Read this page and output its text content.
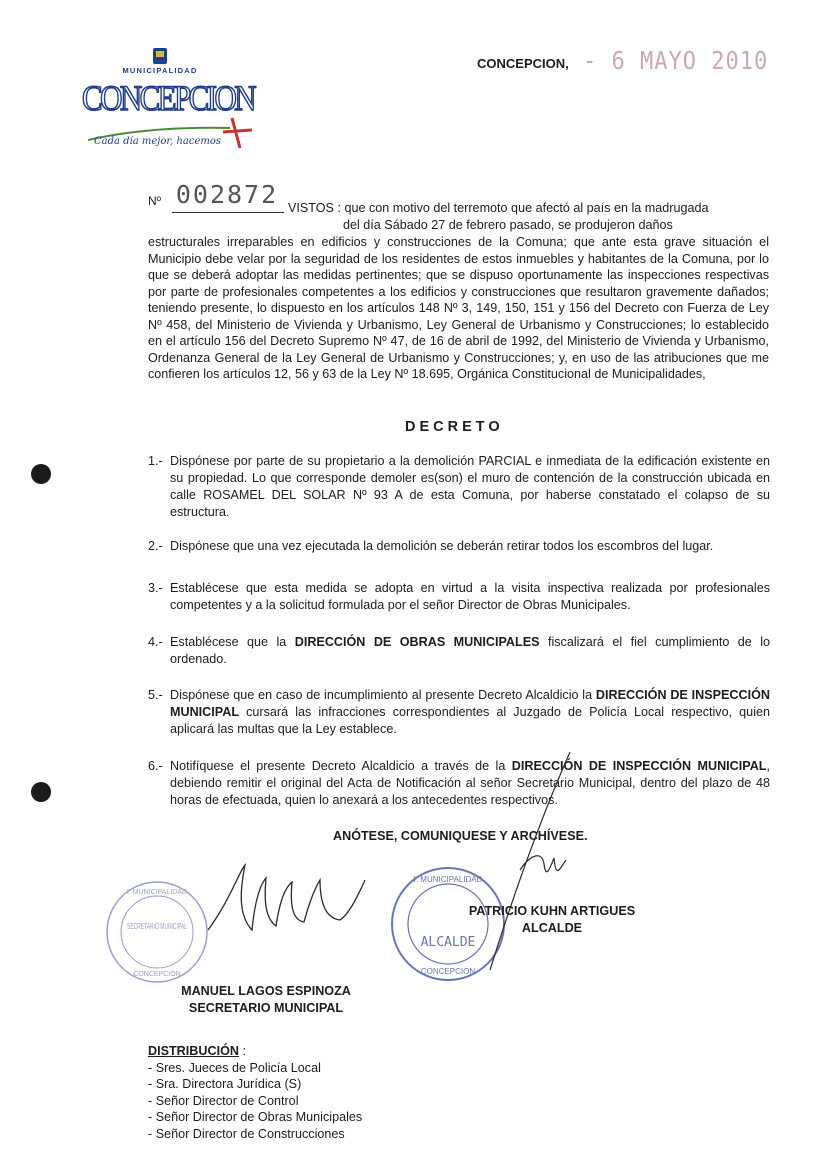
MUNICIPALIDAD
CONCEPCION
Cada día mejor, hacemos
CONCEPCION, - 6 MAYO 2010
Nº 002872 VISTOS : que con motivo del terremoto que afectó al país en la madrugada
del día Sábado 27 de febrero pasado, se produjeron daños

estructurales irreparables en edificios y construcciones de la Comuna; que ante esta grave situación el Municipio debe velar por la seguridad de los residentes de estos inmuebles y habitantes de la Comuna, por lo que se deberá adoptar las medidas pertinentes; que se dispuso oportunamente las inspecciones respectivas por parte de profesionales competentes a los edificios y construcciones que resultaron gravemente dañados; teniendo presente, lo dispuesto en los artículos 148 Nº 3, 149, 150, 151 y 156 del Decreto con Fuerza de Ley Nº 458, del Ministerio de Vivienda y Urbanismo, Ley General de Urbanismo y Construcciones; lo establecido en el artículo 156 del Decreto Supremo Nº 47, de 16 de abril de 1992, del Ministerio de Vivienda y Urbanismo, Ordenanza General de la Ley General de Urbanismo y Construcciones; y, en uso de las atribuciones que me confieren los artículos 12, 56 y 63 de la Ley Nº 18.695, Orgánica Constitucional de Municipalidades,

DECRETO
1.- Dispónese por parte de su propietario a la demolición PARCIAL e inmediata de la edificación existente en su propiedad. Lo que corresponde demoler es(son) el muro de contención de la construcción ubicada en calle ROSAMEL DEL SOLAR Nº 93 A de esta Comuna, por haberse constatado el colapso de su estructura.
2.- Dispónese que una vez ejecutada la demolición se deberán retirar todos los escombros del lugar.
3.- Establécese que esta medida se adopta en virtud a la visita inspectiva realizada por profesionales competentes y a la solicitud formulada por el señor Director de Obras Municipales.
4.- Establécese que la DIRECCIÓN DE OBRAS MUNICIPALES fiscalizará el fiel cumplimiento de lo ordenado.
5.- Dispónese que en caso de incumplimiento al presente Decreto Alcaldicio la DIRECCIÓN DE INSPECCIÓN MUNICIPAL cursará las infracciones correspondientes al Juzgado de Policía Local respectivo, quien aplicará las multas que la Ley establece.
6.- Notifíquese el presente Decreto Alcaldicio a través de la DIRECCIÓN DE INSPECCIÓN MUNICIPAL, debiendo remitir el original del Acta de Notificación al señor Secretario Municipal, dentro del plazo de 48 horas de efectuada, quien lo anexará a los antecedentes respectivos.
ANÓTESE, COMUNIQUESE Y ARCHÍVESE.
SECRETARIO MUNICIPAL
I. MUNICIPALIDAD
CONCEPCION
ALCALDE
I. MUNICIPALIDAD
CONCEPCION
PATRICIO KUHN ARTIGUES
ALCALDE
MANUEL LAGOS ESPINOZA
SECRETARIO MUNICIPAL
DISTRIBUCIÓN :
- Sres. Jueces de Policía Local
- Sra. Directora Jurídica (S)
- Señor Director de Control
- Señor Director de Obras Municipales
- Señor Director de Construcciones
